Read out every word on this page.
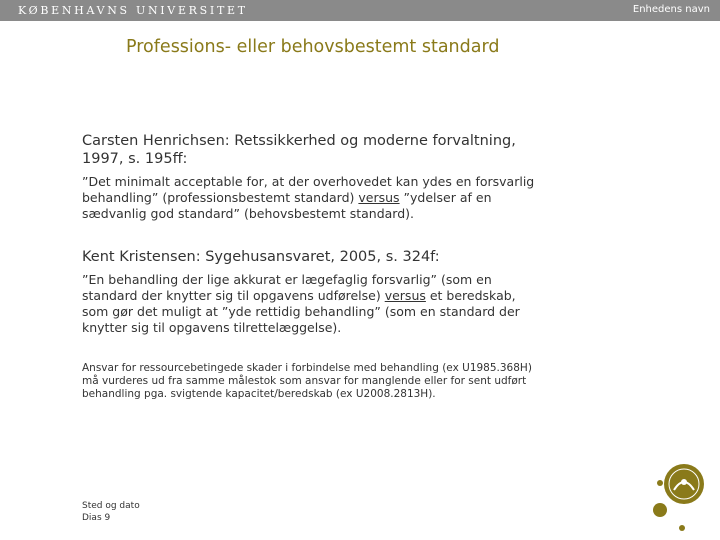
KØBENHAVNS UNIVERSITET	Enhedens navn
Professions- eller behovsbestemt standard
Carsten Henrichsen: Retssikkerhed og moderne forvaltning,
1997, s. 195ff:
”Det minimalt acceptable for, at der overhovedet kan ydes en forsvarlig
behandling” (professionsbestemt standard) versus ”ydelser af en
sædvanlig god standard” (behovsbestemt standard).
Kent Kristensen: Sygehusansvaret, 2005, s. 324f:
”En behandling der lige akkurat er lægefaglig forsvarlig” (som en
standard der knytter sig til opgavens udførelse) versus et beredskab,
som gør det muligt at ”yde rettidig behandling” (som en standard der
knytter sig til opgavens tilrettelæggelse).
Ansvar for ressourcebetingede skader i forbindelse med behandling (ex U1985.368H)
må vurderes ud fra samme målestok som ansvar for manglende eller for sent udført
behandling pga. svigtende kapacitet/beredskab (ex U2008.2813H).
Sted og dato
Dias 9
